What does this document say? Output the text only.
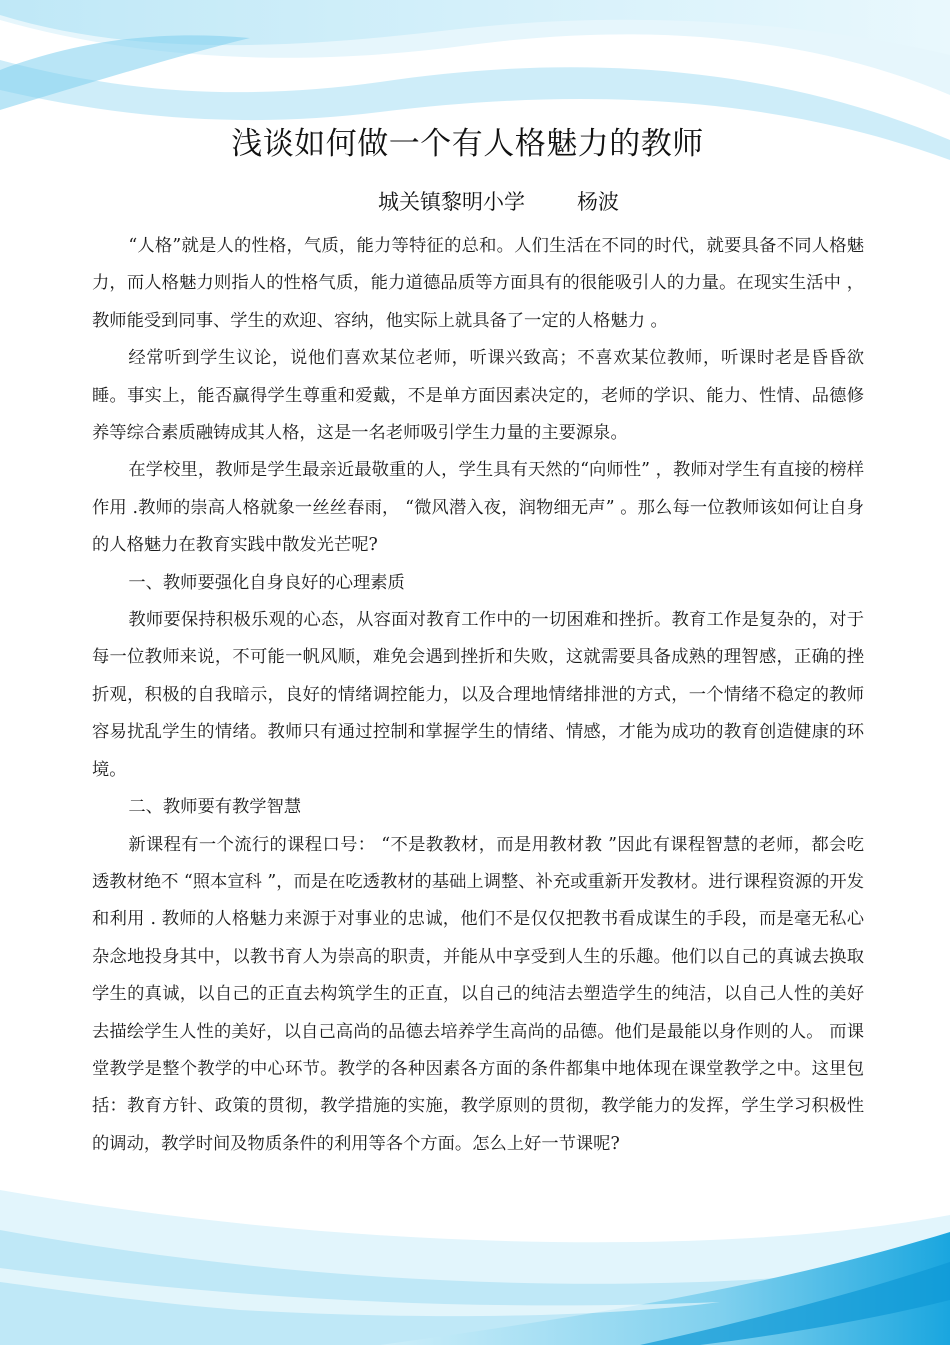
浅谈如何做一个有人格魅力的教师
城关镇黎明小学 杨波

“人格”就是人的性格，气质，能力等特征的总和。人们生活在不同的时代，就要具备不同人格魅力，而人格魅力则指人的性格气质，能力道德品质等方面具有的很能吸引人的力量。在现实生活中 ，教师能受到同事、学生的欢迎、容纳，他实际上就具备了一定的人格魅力 。

经常听到学生议论，说他们喜欢某位老师，听课兴致高；不喜欢某位教师，听课时老是昏昏欲睡。事实上，能否赢得学生尊重和爱戴，不是单方面因素决定的，老师的学识、能力、性情、品德修养等综合素质融铸成其人格，这是一名老师吸引学生力量的主要源泉。

在学校里，教师是学生最亲近最敬重的人，学生具有天然的“向师性” ，教师对学生有直接的榜样作用 .教师的崇高人格就象一丝丝春雨， “微风潜入夜，润物细无声” 。那么每一位教师该如何让自身的人格魅力在教育实践中散发光芒呢?

一、教师要强化自身良好的心理素质

教师要保持积极乐观的心态，从容面对教育工作中的一切困难和挫折。教育工作是复杂的，对于每一位教师来说，不可能一帆风顺，难免会遇到挫折和失败，这就需要具备成熟的理智感，正确的挫折观，积极的自我暗示，良好的情绪调控能力，以及合理地情绪排泄的方式，一个情绪不稳定的教师容易扰乱学生的情绪。教师只有通过控制和掌握学生的情绪、情感，才能为成功的教育创造健康的环境。

二、教师要有教学智慧

新课程有一个流行的课程口号： “不是教教材，而是用教材教 ”因此有课程智慧的老师，都会吃透教材绝不 “照本宣科 ”，而是在吃透教材的基础上调整、补充或重新开发教材。进行课程资源的开发和利用 . 教师的人格魅力来源于对事业的忠诚，他们不是仅仅把教书看成谋生的手段，而是毫无私心杂念地投身其中，以教书育人为崇高的职责，并能从中享受到人生的乐趣。他们以自己的真诚去换取学生的真诚，以自己的正直去构筑学生的正直，以自己的纯洁去塑造学生的纯洁，以自己人性的美好去描绘学生人性的美好，以自己高尚的品德去培养学生高尚的品德。他们是最能以身作则的人。 而课堂教学是整个教学的中心环节。教学的各种因素各方面的条件都集中地体现在课堂教学之中。这里包括：教育方针、政策的贯彻，教学措施的实施，教学原则的贯彻，教学能力的发挥，学生学习积极性的调动，教学时间及物质条件的利用等各个方面。怎么上好一节课呢?
